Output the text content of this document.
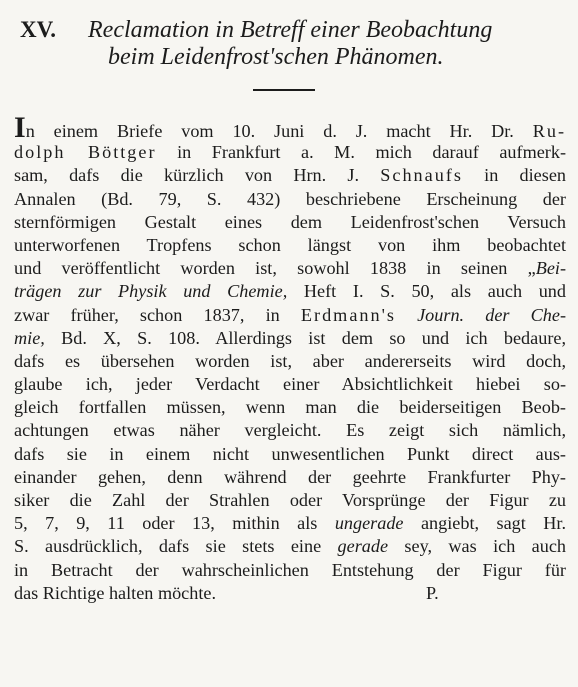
XV. Reclamation in Betreff einer Beobachtung
beim Leidenfrost'schen Phänomen.
In einem Briefe vom 10. Juni d. J. macht Hr. Dr. Ru-
dolph Böttger in Frankfurt a. M. mich darauf aufmerk-
sam, dafs die kürzlich von Hrn. J. Schnaufs in diesen
Annalen (Bd. 79, S. 432) beschriebene Erscheinung der
sternförmigen Gestalt eines dem Leidenfrost'schen Versuch
unterworfenen Tropfens schon längst von ihm beobachtet
und veröffentlicht worden ist, sowohl 1838 in seinen „Bei-
trägen zur Physik und Chemie, Heft I. S. 50, als auch und
zwar früher, schon 1837, in Erdmann's Journ. der Che-
mie, Bd. X, S. 108. Allerdings ist dem so und ich bedaure,
dafs es übersehen worden ist, aber andererseits wird doch,
glaube ich, jeder Verdacht einer Absichtlichkeit hiebei so-
gleich fortfallen müssen, wenn man die beiderseitigen Beob-
achtungen etwas näher vergleicht. Es zeigt sich nämlich,
dafs sie in einem nicht unwesentlichen Punkt direct aus-
einander gehen, denn während der geehrte Frankfurter Phy-
siker die Zahl der Strahlen oder Vorsprünge der Figur zu
5, 7, 9, 11 oder 13, mithin als ungerade angiebt, sagt Hr.
S. ausdrücklich, dafs sie stets eine gerade sey, was ich auch
in Betracht der wahrscheinlichen Entstehung der Figur für
das Richtige halten möchte.	P.
